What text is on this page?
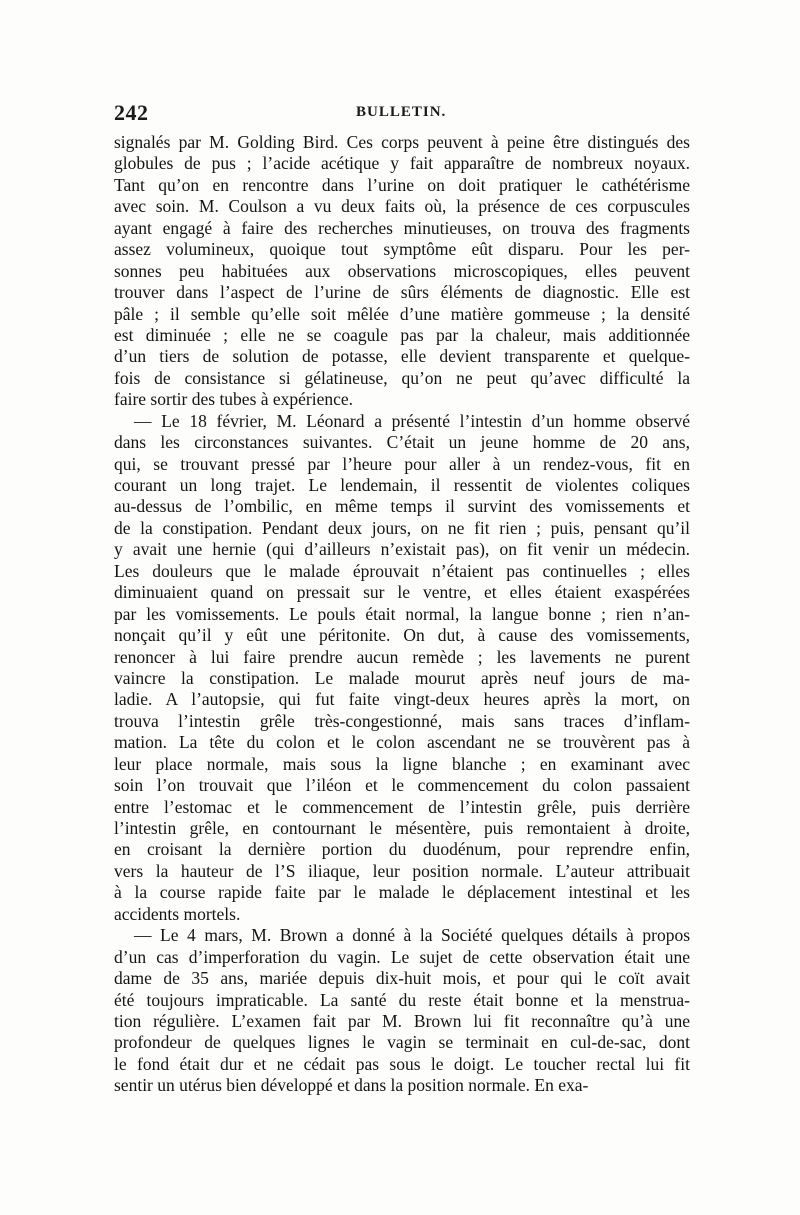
242	BULLETIN.
signalés par M. Golding Bird. Ces corps peuvent à peine être distingués des
globules de pus ; l’acide acétique y fait apparaître de nombreux noyaux.
Tant qu’on en rencontre dans l’urine on doit pratiquer le cathétérisme
avec soin. M. Coulson a vu deux faits où, la présence de ces corpuscules
ayant engagé à faire des recherches minutieuses, on trouva des fragments
assez volumineux, quoique tout symptôme eût disparu. Pour les per-
sonnes peu habituées aux observations microscopiques, elles peuvent
trouver dans l’aspect de l’urine de sûrs éléments de diagnostic. Elle est
pâle ; il semble qu’elle soit mêlée d’une matière gommeuse ; la densité
est diminuée ; elle ne se coagule pas par la chaleur, mais additionnée
d’un tiers de solution de potasse, elle devient transparente et quelque-
fois de consistance si gélatineuse, qu’on ne peut qu’avec difficulté la
faire sortir des tubes à expérience.
— Le 18 février, M. Léonard a présenté l’intestin d’un homme observé
dans les circonstances suivantes. C’était un jeune homme de 20 ans,
qui, se trouvant pressé par l’heure pour aller à un rendez-vous, fit en
courant un long trajet. Le lendemain, il ressentit de violentes coliques
au-dessus de l’ombilic, en même temps il survint des vomissements et
de la constipation. Pendant deux jours, on ne fit rien ; puis, pensant qu’il
y avait une hernie (qui d’ailleurs n’existait pas), on fit venir un médecin.
Les douleurs que le malade éprouvait n’étaient pas continuelles ; elles
diminuaient quand on pressait sur le ventre, et elles étaient exaspérées
par les vomissements. Le pouls était normal, la langue bonne ; rien n’an-
nonçait qu’il y eût une péritonite. On dut, à cause des vomissements,
renoncer à lui faire prendre aucun remède ; les lavements ne purent
vaincre la constipation. Le malade mourut après neuf jours de ma-
ladie. A l’autopsie, qui fut faite vingt-deux heures après la mort, on
trouva l’intestin grêle très-congestionné, mais sans traces d’inflam-
mation. La tête du colon et le colon ascendant ne se trouvèrent pas à
leur place normale, mais sous la ligne blanche ; en examinant avec
soin l’on trouvait que l’iléon et le commencement du colon passaient
entre l’estomac et le commencement de l’intestin grêle, puis derrière
l’intestin grêle, en contournant le mésentère, puis remontaient à droite,
en croisant la dernière portion du duodénum, pour reprendre enfin,
vers la hauteur de l’S iliaque, leur position normale. L’auteur attribuait
à la course rapide faite par le malade le déplacement intestinal et les
accidents mortels.
— Le 4 mars, M. Brown a donné à la Société quelques détails à propos
d’un cas d’imperforation du vagin. Le sujet de cette observation était une
dame de 35 ans, mariée depuis dix-huit mois, et pour qui le coït avait
été toujours impraticable. La santé du reste était bonne et la menstrua-
tion régulière. L’examen fait par M. Brown lui fit reconnaître qu’à une
profondeur de quelques lignes le vagin se terminait en cul-de-sac, dont
le fond était dur et ne cédait pas sous le doigt. Le toucher rectal lui fit
sentir un utérus bien développé et dans la position normale. En exa-
